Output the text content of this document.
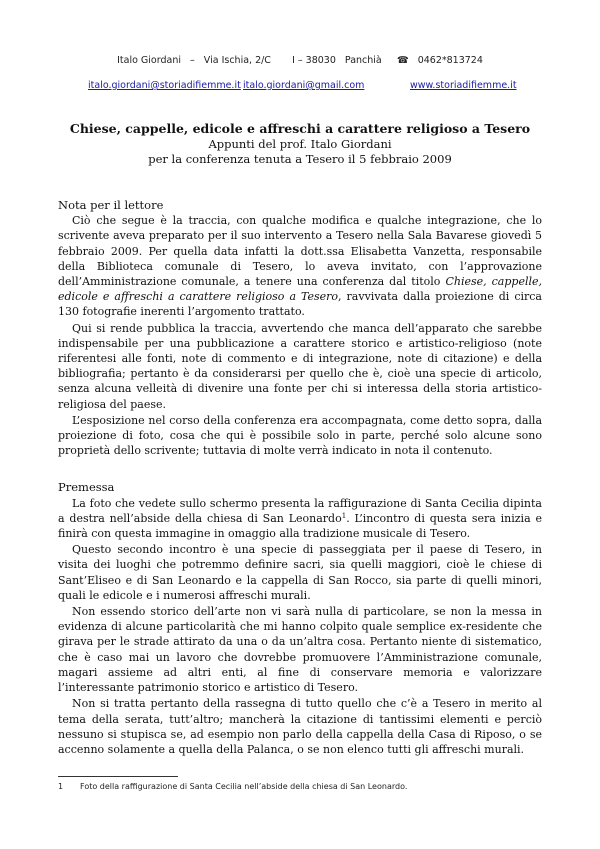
Italo Giordani – Via Ischia, 2/C I – 38030 Panchià ☎ 0462*813724
italo.giordani@storiadifiemme.it italo.giordani@gmail.com	www.storiadifiemme.it
Chiese, cappelle, edicole e affreschi a carattere religioso a Tesero
Appunti del prof. Italo Giordani
per la conferenza tenuta a Tesero il 5 febbraio 2009
Nota per il lettore

Ciò che segue è la traccia, con qualche modifica e qualche integrazione, che lo scrivente aveva preparato per il suo intervento a Tesero nella Sala Bavarese giovedì 5 febbraio 2009. Per quella data infatti la dott.ssa Elisabetta Vanzetta, responsabile della Biblioteca comunale di Tesero, lo aveva invitato, con l’approvazione dell’Amministrazione comunale, a tenere una conferenza dal titolo Chiese, cappelle, edicole e affreschi a carattere religioso a Tesero, ravvivata dalla proiezione di circa 130 fotografie inerenti l’argomento trattato.

Qui si rende pubblica la traccia, avvertendo che manca dell’apparato che sarebbe indispensabile per una pubblicazione a carattere storico e artistico-religioso (note riferentesi alle fonti, note di commento e di integrazione, note di citazione) e della bibliografia; pertanto è da considerarsi per quello che è, cioè una specie di articolo, senza alcuna velleità di divenire una fonte per chi si interessa della storia artistico-religiosa del paese.

L’esposizione nel corso della conferenza era accompagnata, come detto sopra, dalla proiezione di foto, cosa che qui è possibile solo in parte, perché solo alcune sono proprietà dello scrivente; tuttavia di molte verrà indicato in nota il contenuto.

Premessa

La foto che vedete sullo schermo presenta la raffigurazione di Santa Cecilia dipinta a destra nell’abside della chiesa di San Leonardo$^1$. L’incontro di questa sera inizia e finirà con questa immagine in omaggio alla tradizione musicale di Tesero.

Questo secondo incontro è una specie di passeggiata per il paese di Tesero, in visita dei luoghi che potremmo definire sacri, sia quelli maggiori, cioè le chiese di Sant’Eliseo e di San Leonardo e la cappella di San Rocco, sia parte di quelli minori, quali le edicole e i numerosi affreschi murali.

Non essendo storico dell’arte non vi sarà nulla di particolare, se non la messa in evidenza di alcune particolarità che mi hanno colpito quale semplice ex-residente che girava per le strade attirato da una o da un’altra cosa. Pertanto niente di sistematico, che è caso mai un lavoro che dovrebbe promuovere l’Amministrazione comunale, magari assieme ad altri enti, al fine di conservare memoria e valorizzare l’interessante patrimonio storico e artistico di Tesero.

Non si tratta pertanto della rassegna di tutto quello che c’è a Tesero in merito al tema della serata, tutt’altro; mancherà la citazione di tantissimi elementi e perciò nessuno si stupisca se, ad esempio non parlo della cappella della Casa di Riposo, o se accenno solamente a quella della Palanca, o se non elenco tutti gli affreschi murali.

1 Foto della raffigurazione di Santa Cecilia nell’abside della chiesa di San Leonardo.
